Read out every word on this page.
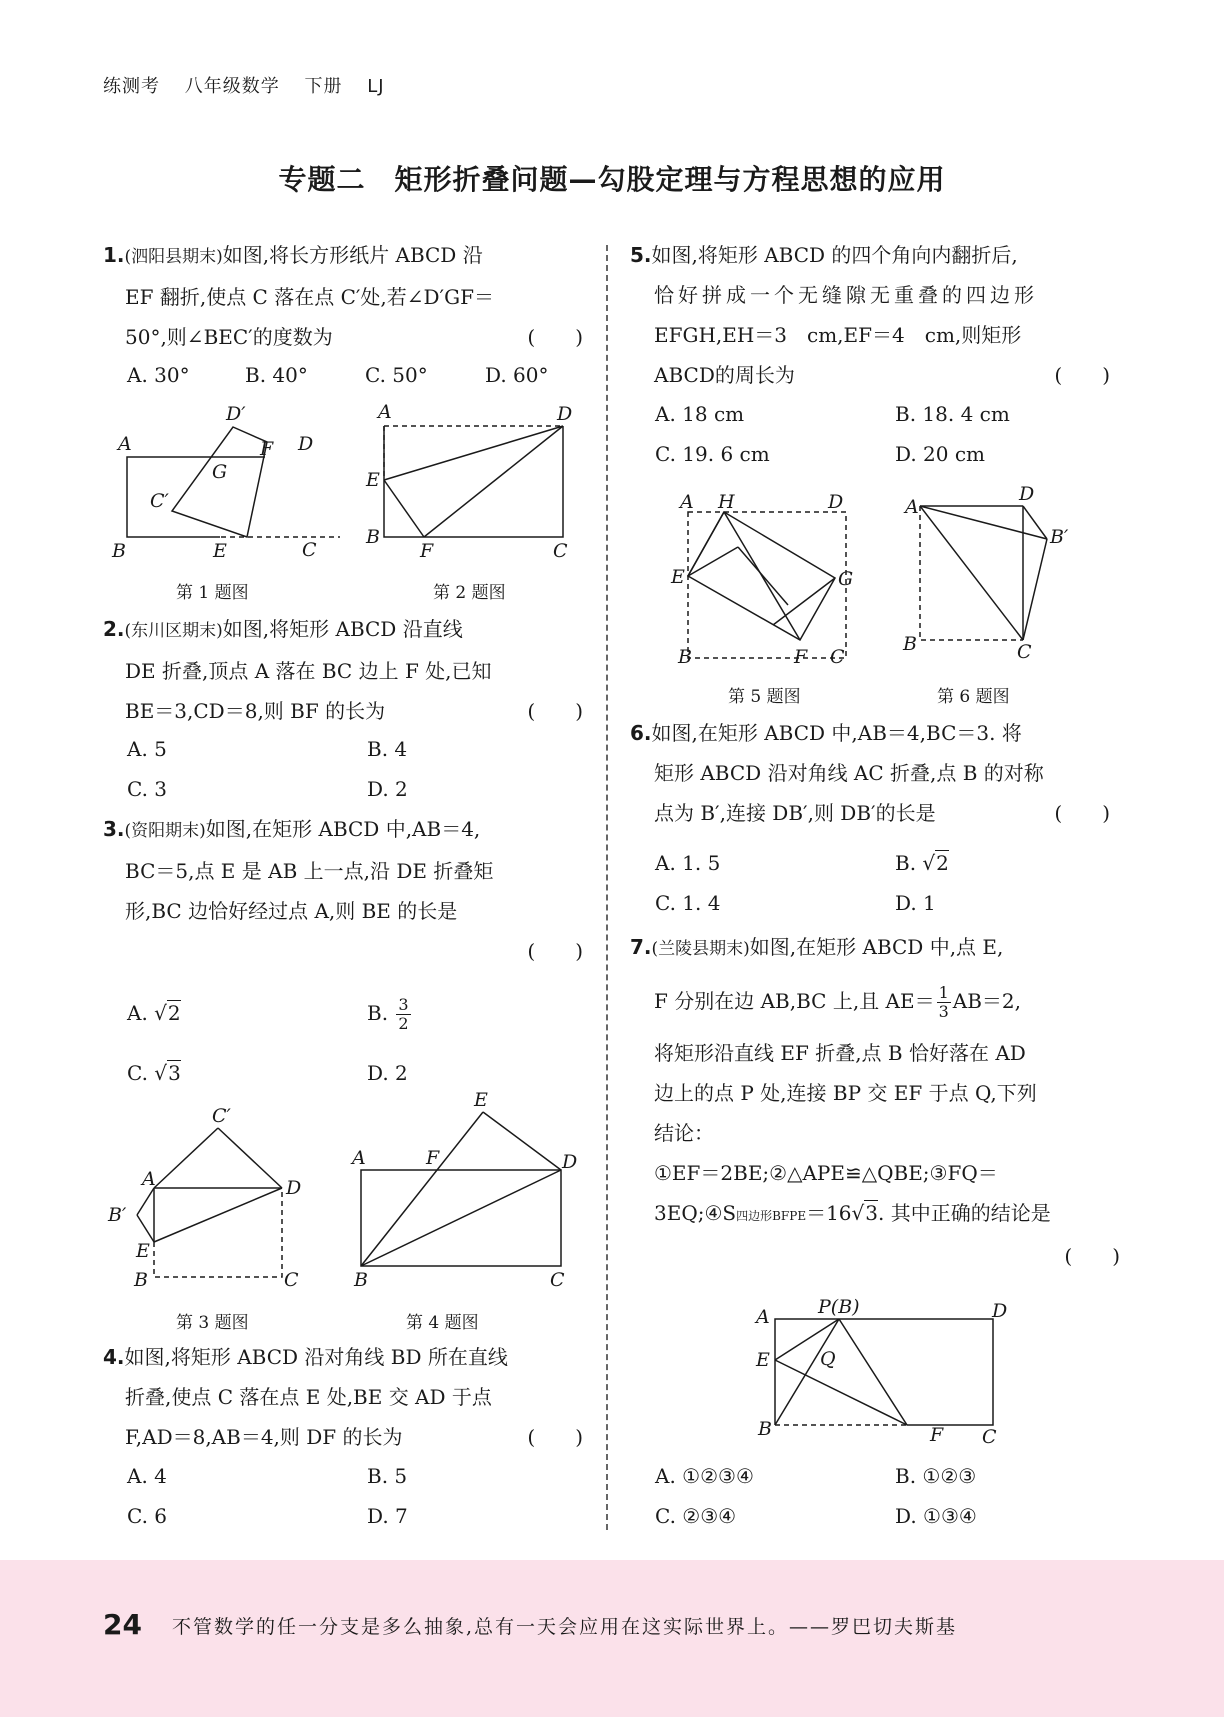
练测考 八年级数学 下册 LJ
专题二　矩形折叠问题—勾股定理与方程思想的应用
1.(泗阳县期末)如图,将长方形纸片 ABCD 沿
EF 翻折,使点 C 落在点 C′处,若∠D′GF＝
50°,则∠BEC′的度数为	(　　)
A. 30°	B. 40°	C. 50°	D. 60°
A
B
D′
F
G
C′
E
D
C
第 1 题图
A	D
E
B
F	C
第 2 题图
2.(东川区期末)如图,将矩形 ABCD 沿直线
DE 折叠,顶点 A 落在 BC 边上 F 处,已知
BE＝3,CD＝8,则 BF 的长为	(　　)
A. 5	B. 4
C. 3	D. 2
3.(资阳期末)如图,在矩形 ABCD 中,AB＝4,
BC＝5,点 E 是 AB 上一点,沿 DE 折叠矩
形,BC 边恰好经过点 A,则 BE 的长是
(　　)
A. √2	B. $\frac{3}{2}$
C. √3	D. 2
C′
A	D
B′
E
B	C
第 3 题图
A	F
E
D
B	C
第 4 题图
4.如图,将矩形 ABCD 沿对角线 BD 所在直线
折叠,使点 C 落在点 E 处,BE 交 AD 于点
F,AD＝8,AB＝4,则 DF 的长为	(　　)
A. 4	B. 5
C. 6	D. 7
5.如图,将矩形 ABCD 的四个角向内翻折后,
恰好拼成一个无缝隙无重叠的四边形
EFGH,EH＝3　cm,EF＝4　cm,则矩形
ABCD的周长为	(　　)
A. 18 cm	B. 18. 4 cm
C. 19. 6 cm	D. 20 cm
A H	D
E	G
B	F C
第 5 题图
A
D
B′
B	C
第 6 题图
6.如图,在矩形 ABCD 中,AB＝4,BC＝3. 将
矩形 ABCD 沿对角线 AC 折叠,点 B 的对称
点为 B′,连接 DB′,则 DB′的长是	(　　)
A. 1. 5	B. √2
C. 1. 4	D. 1
7.(兰陵县期末)如图,在矩形 ABCD 中,点 E,
F 分别在边 AB,BC 上,且 $AE= \frac{1}{3} AB=2$,
将矩形沿直线 EF 折叠,点 B 恰好落在 AD
边上的点 P 处,连接 BP 交 EF 于点 Q,下列
结论：
①EF＝2BE;②△APE≌△QBE;③FQ＝
3EQ;④S四边形BFPE＝16√3. 其中正确的结论是
(　　)
A	P(B)	D
E	Q
B	F C
A. ①②③④	B. ①②③
C. ②③④	D. ①③④
24 不管数学的任一分支是多么抽象,总有一天会应用在这实际世界上。——罗巴切夫斯基
